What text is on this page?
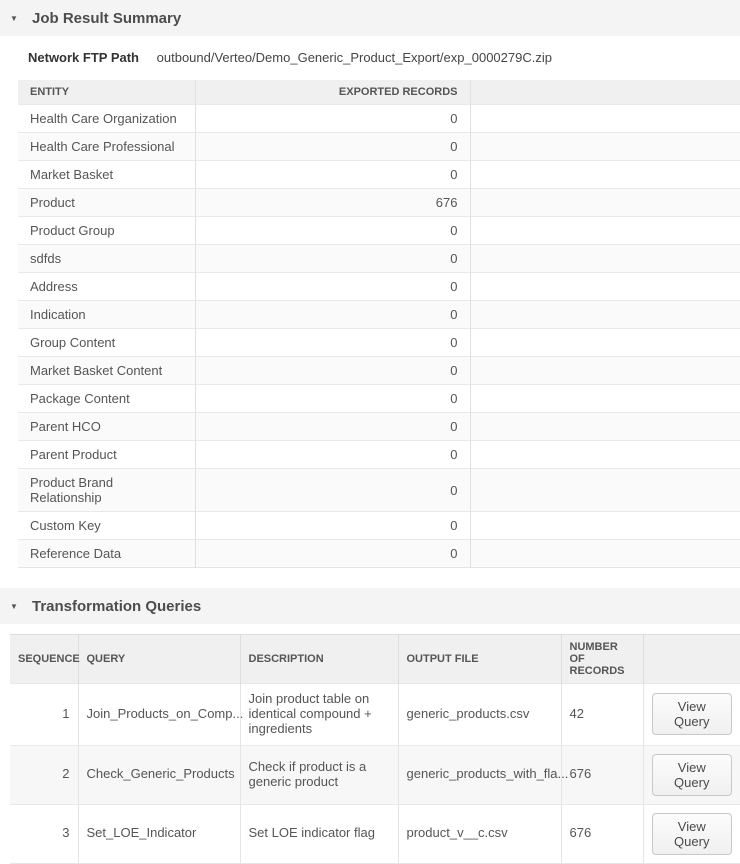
▼ Job Result Summary
Network FTP Path outbound/Verteo/Demo_Generic_Product_Export/exp_0000279C.zip
ENTITY	EXPORTED RECORDS	
Health Care Organization	0	
Health Care Professional	0	
Market Basket	0	
Product	676	
Product Group	0	
sdfds	0	
Address	0	
Indication	0	
Group Content	0	
Market Basket Content	0	
Package Content	0	
Parent HCO	0	
Parent Product	0	
Product Brand Relationship	0	
Custom Key	0	
Reference Data	0	
▼ Transformation Queries
SEQUENCE	QUERY	DESCRIPTION	OUTPUT FILE	NUMBER OF RECORDS	
1	Join_Products_on_Comp...	Join product table on identical compound + ingredients	generic_products.csv	42	View Query
2	Check_Generic_Products	Check if product is a generic product	generic_products_with_fla...	676	View Query
3	Set_LOE_Indicator	Set LOE indicator flag	product_v__c.csv	676	View Query
